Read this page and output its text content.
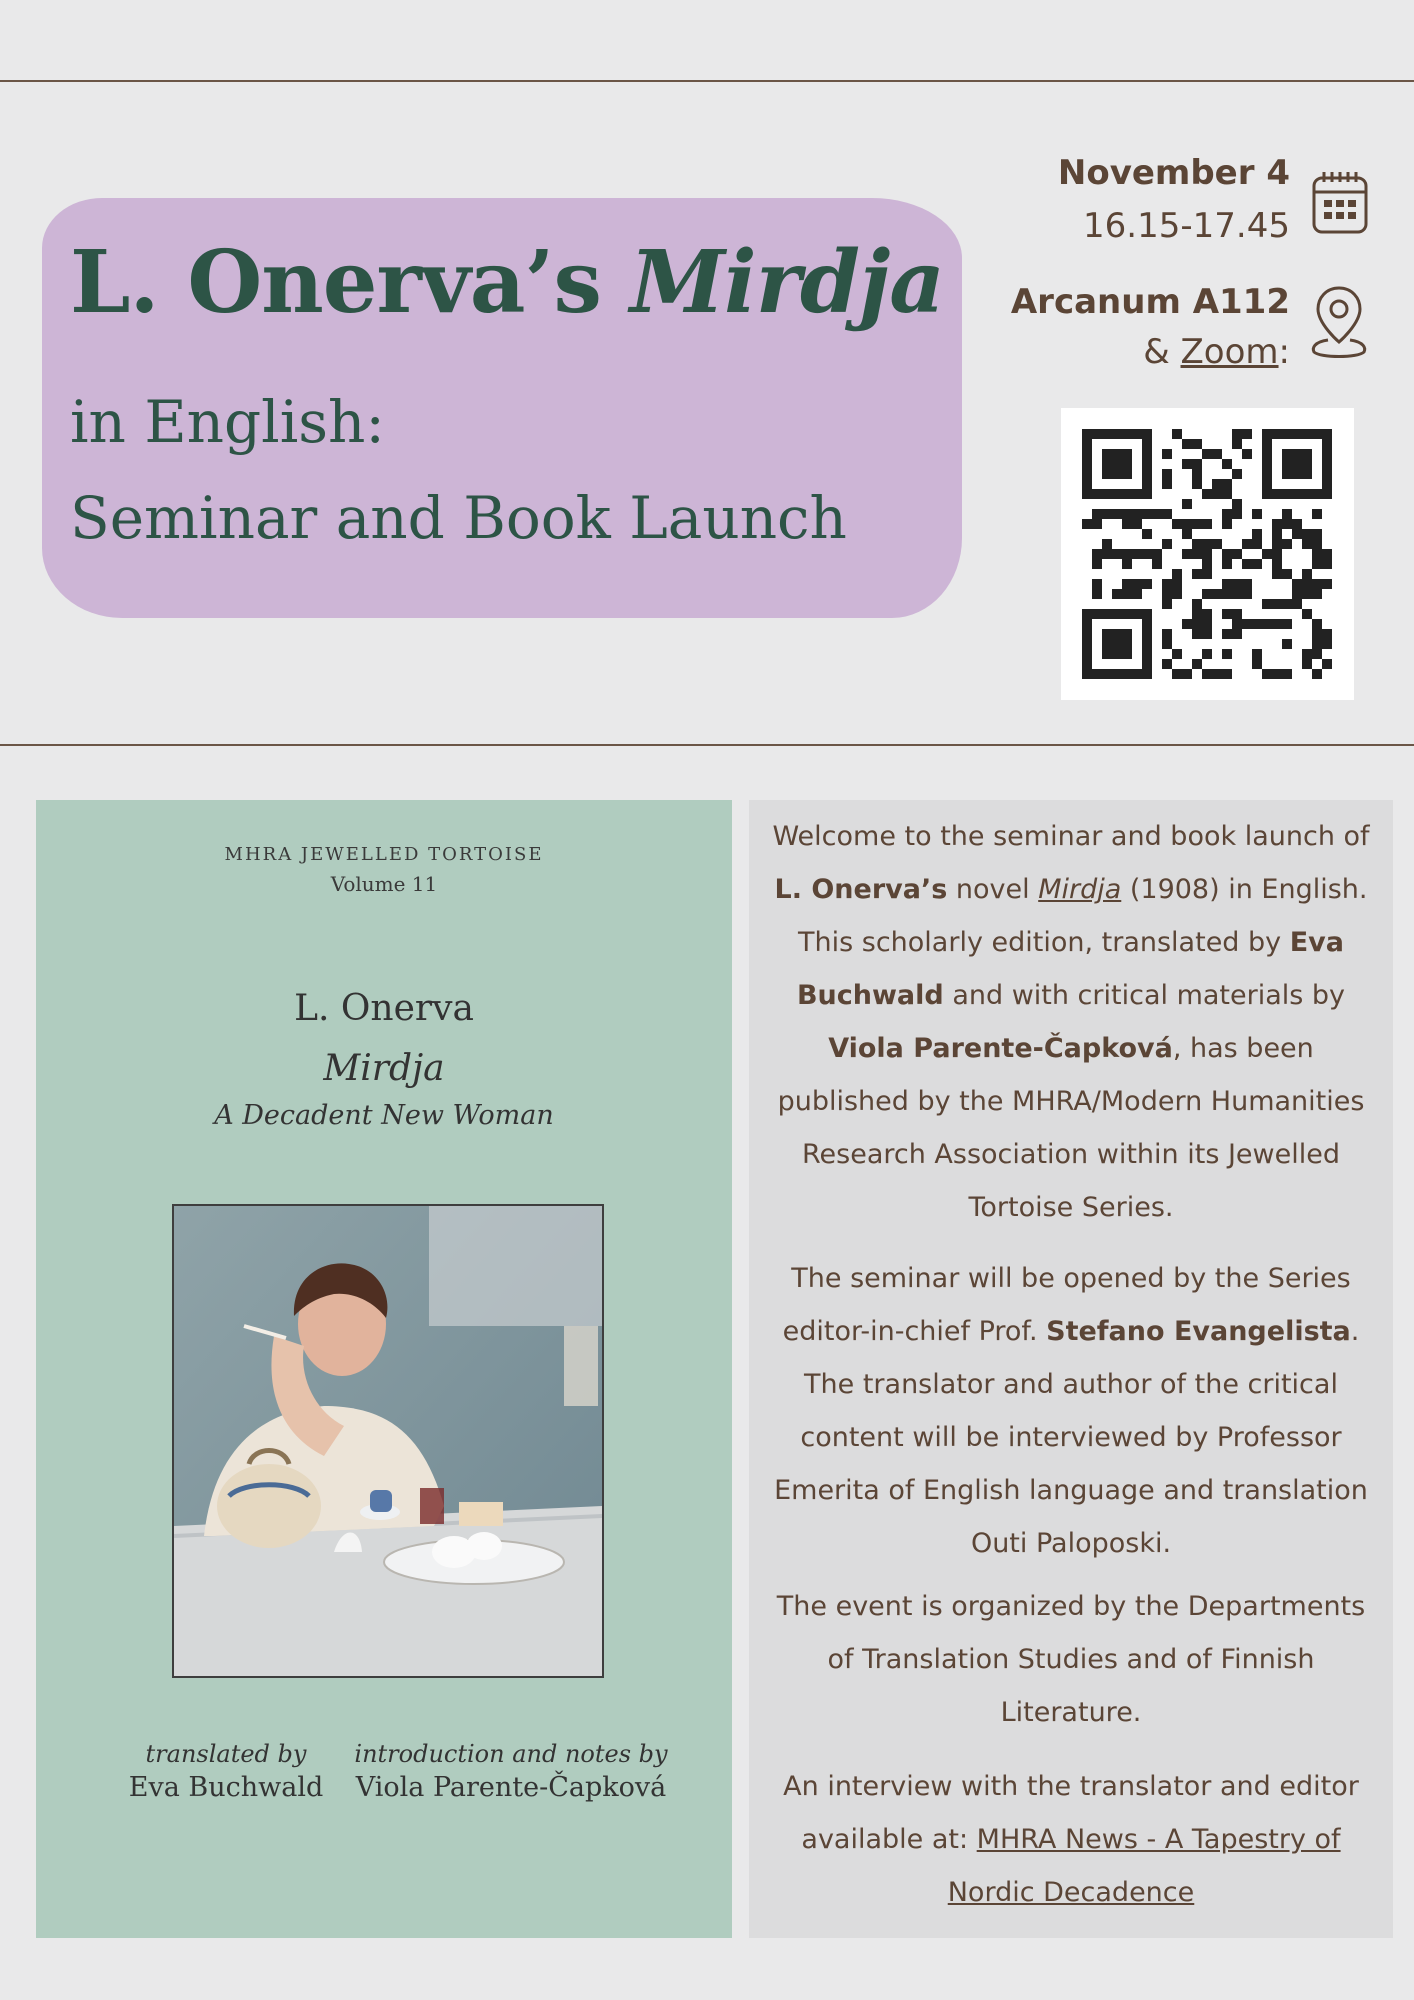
L. Onerva’s Mirdja
in English:
Seminar and Book Launch
November 4
16.15-17.45
Arcanum A112
& Zoom:
MHRA JEWELLED TORTOISE
Volume 11
L. Onerva
Mirdja
A Decadent New Woman
translated by
Eva Buchwald
introduction and notes by
Viola Parente-Čapková

Welcome to the seminar and book launch of L. Onerva’s novel Mirdja (1908) in English. This scholarly edition, translated by Eva Buchwald and with critical materials by Viola Parente-Čapková, has been published by the MHRA/Modern Humanities Research Association within its Jewelled Tortoise Series.

The seminar will be opened by the Series editor-in-chief Prof. Stefano Evangelista. The translator and author of the critical content will be interviewed by Professor Emerita of English language and translation Outi Paloposki.

The event is organized by the Departments of Translation Studies and of Finnish Literature.

An interview with the translator and editor available at: MHRA News - A Tapestry of Nordic Decadence
